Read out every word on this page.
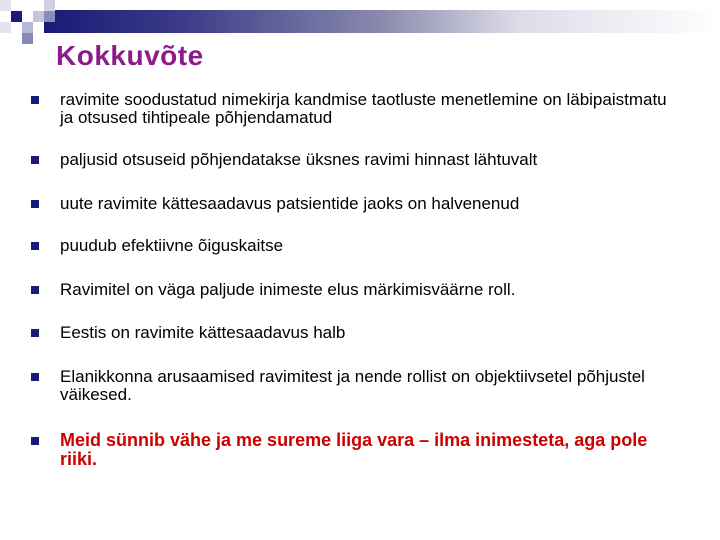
Kokkuvõte
ravimite soodustatud nimekirja kandmise taotluste menetlemine on läbipaistmatu ja otsused tihtipeale põhjendamatud
paljusid otsuseid põhjendatakse üksnes ravimi hinnast lähtuvalt
uute ravimite kättesaadavus patsientide jaoks on halvenenud
puudub efektiivne õiguskaitse
Ravimitel on väga paljude inimeste elus märkimisväärne roll.
Eestis on ravimite kättesaadavus halb
Elanikkonna arusaamised ravimitest ja nende rollist on objektiivsetel põhjustel väikesed.
Meid sünnib vähe ja me sureme liiga vara – ilma inimesteta, aga pole riiki.
